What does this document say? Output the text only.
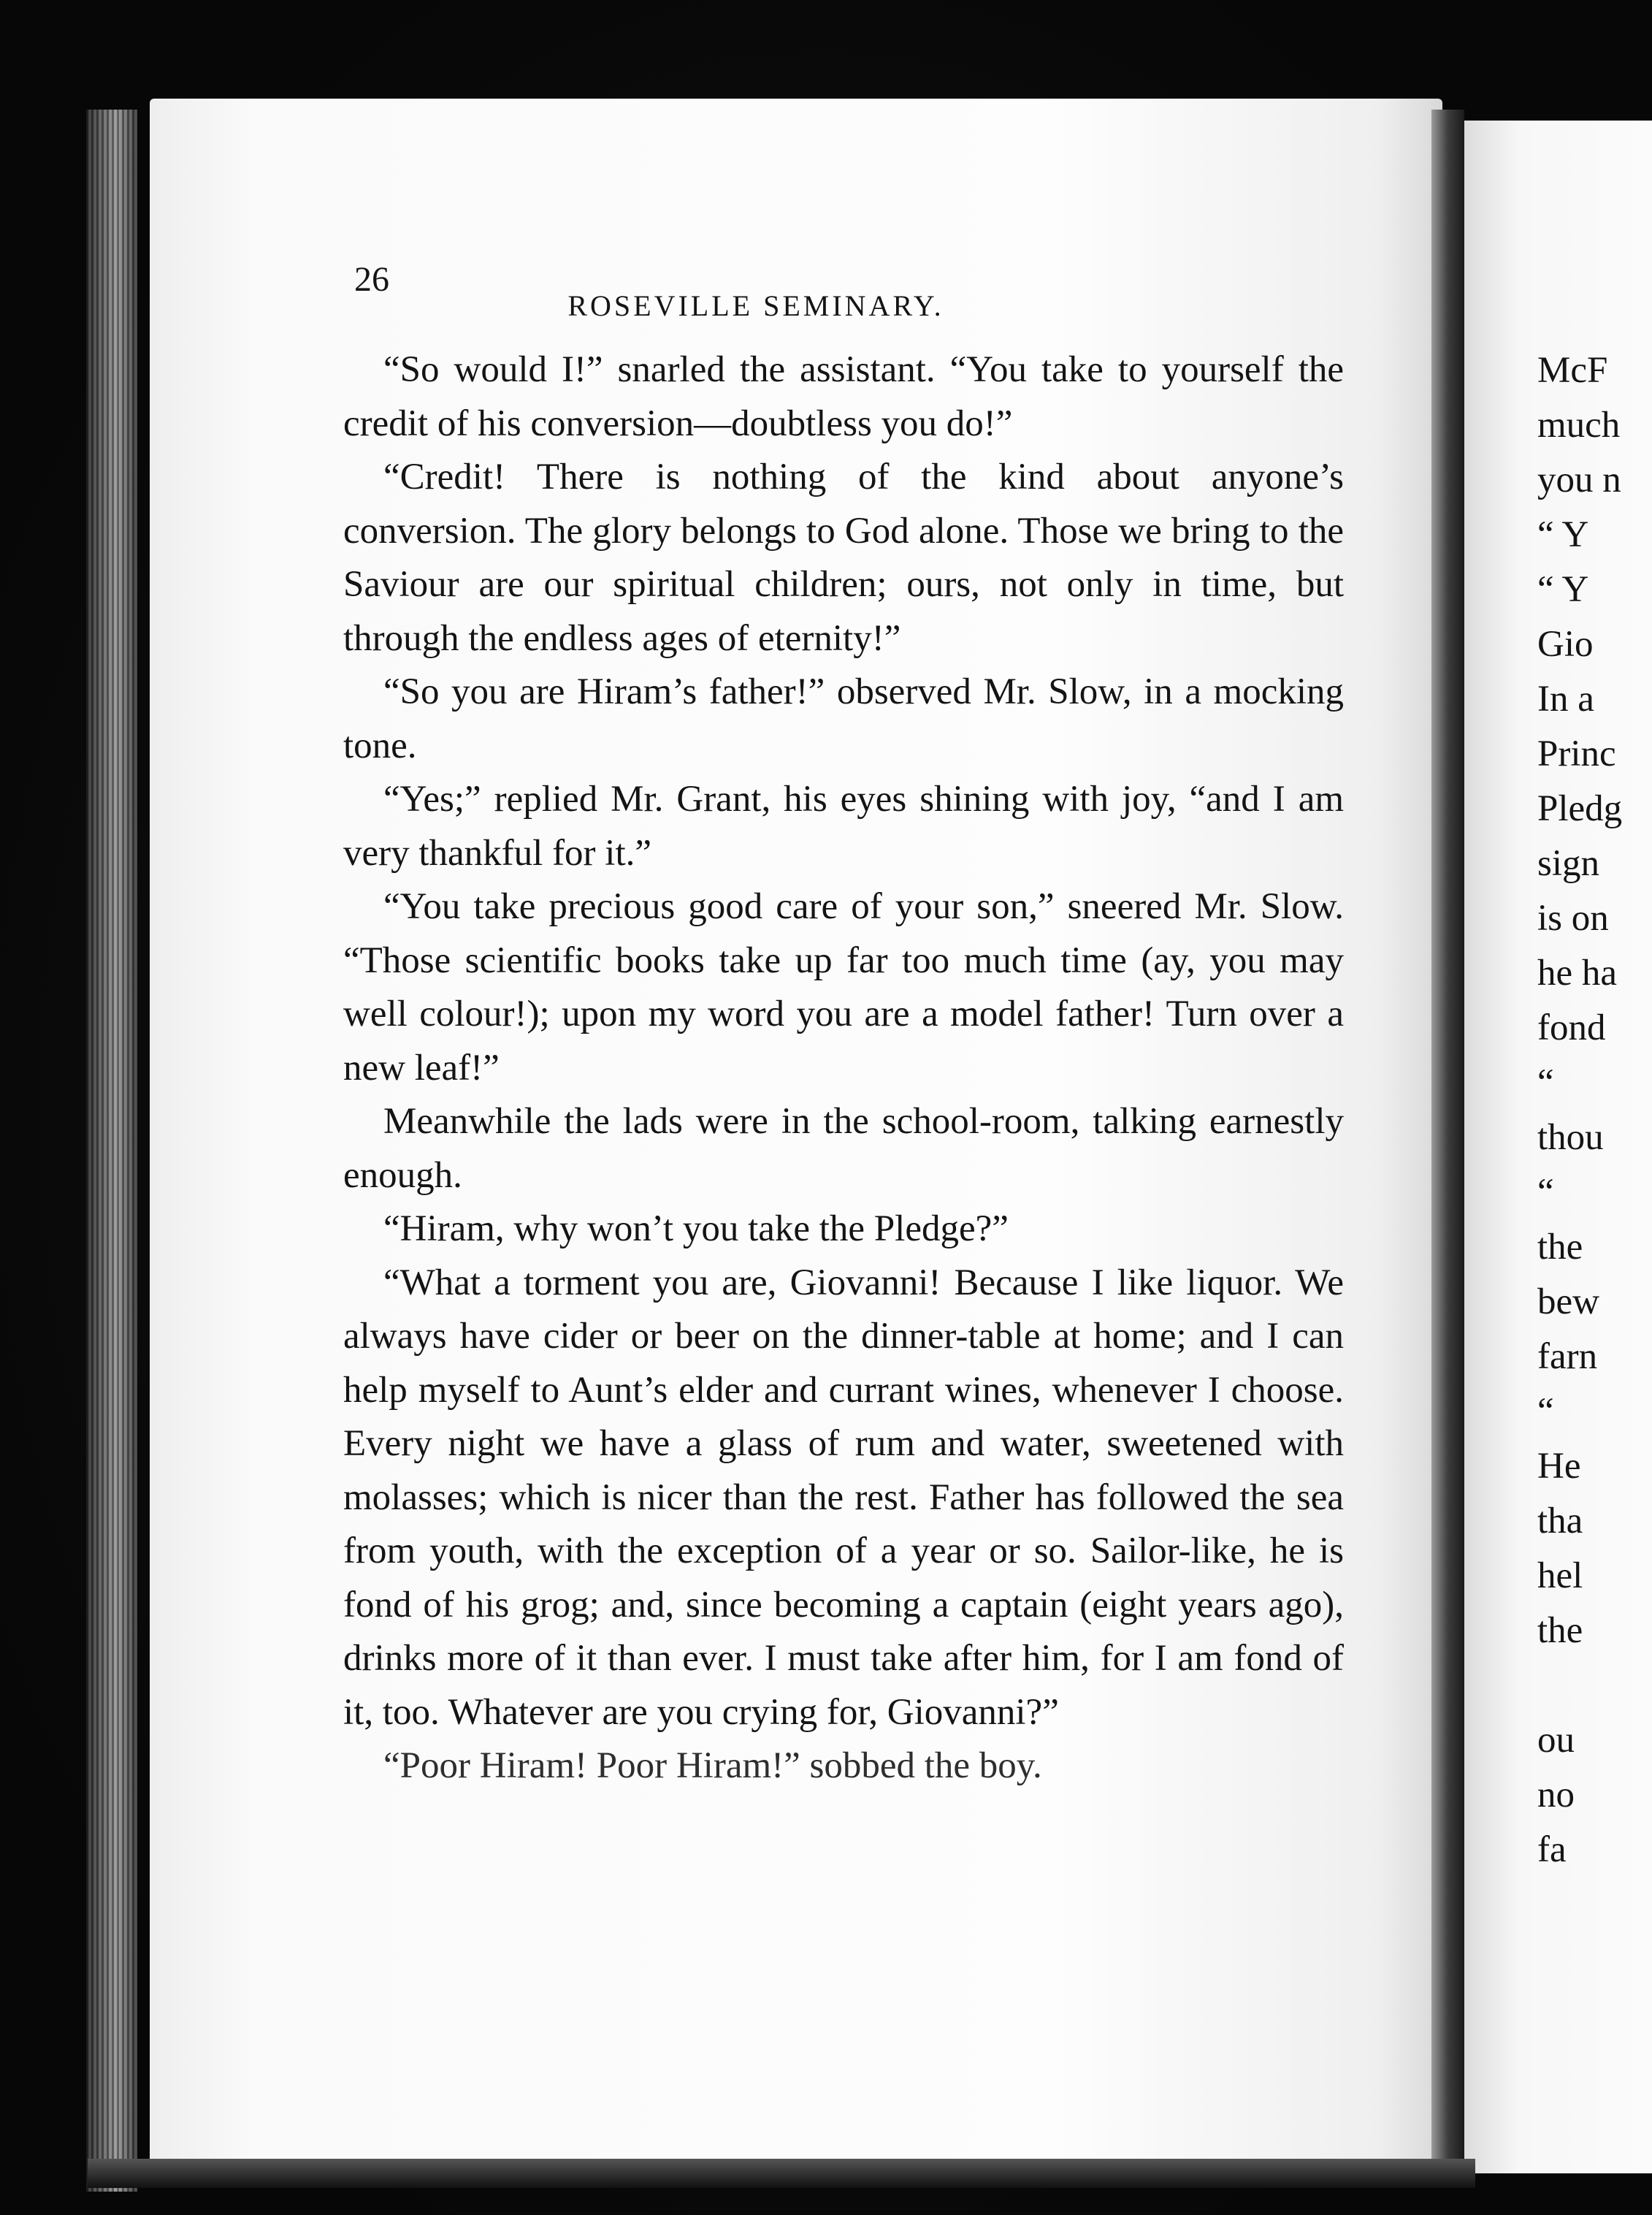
26
ROSEVILLE SEMINARY.

“So would I!” snarled the assistant. “You take to yourself the credit of his conversion—doubtless you do!”

“Credit! There is nothing of the kind about anyone’s conversion. The glory belongs to God alone. Those we bring to the Saviour are our spiritual children; ours, not only in time, but through the endless ages of eternity!”

“So you are Hiram’s father!” observed Mr. Slow, in a mocking tone.

“Yes;” replied Mr. Grant, his eyes shining with joy, “and I am very thankful for it.”

“You take precious good care of your son,” sneered Mr. Slow. “Those scientific books take up far too much time (ay, you may well colour!); upon my word you are a model father! Turn over a new leaf!”

Meanwhile the lads were in the school-room, talking earnestly enough.

“Hiram, why won’t you take the Pledge?”

“What a torment you are, Giovanni! Because I like liquor. We always have cider or beer on the dinner-table at home; and I can help myself to Aunt’s elder and currant wines, whenever I choose. Every night we have a glass of rum and water, sweetened with molasses; which is nicer than the rest. Father has followed the sea from youth, with the exception of a year or so. Sailor-like, he is fond of his grog; and, since becoming a captain (eight years ago), drinks more of it than ever. I must take after him, for I am fond of it, too. Whatever are you crying for, Giovanni?”

“Poor Hiram! Poor Hiram!” sobbed the boy.

McF
much
you n
“ Y
“ Y
Gio
In a
Princ
Pledg
sign
is on
he ha
fond
“
thou
“
the
bew
farn
“
He
tha
hel
the
ou
no
fa
